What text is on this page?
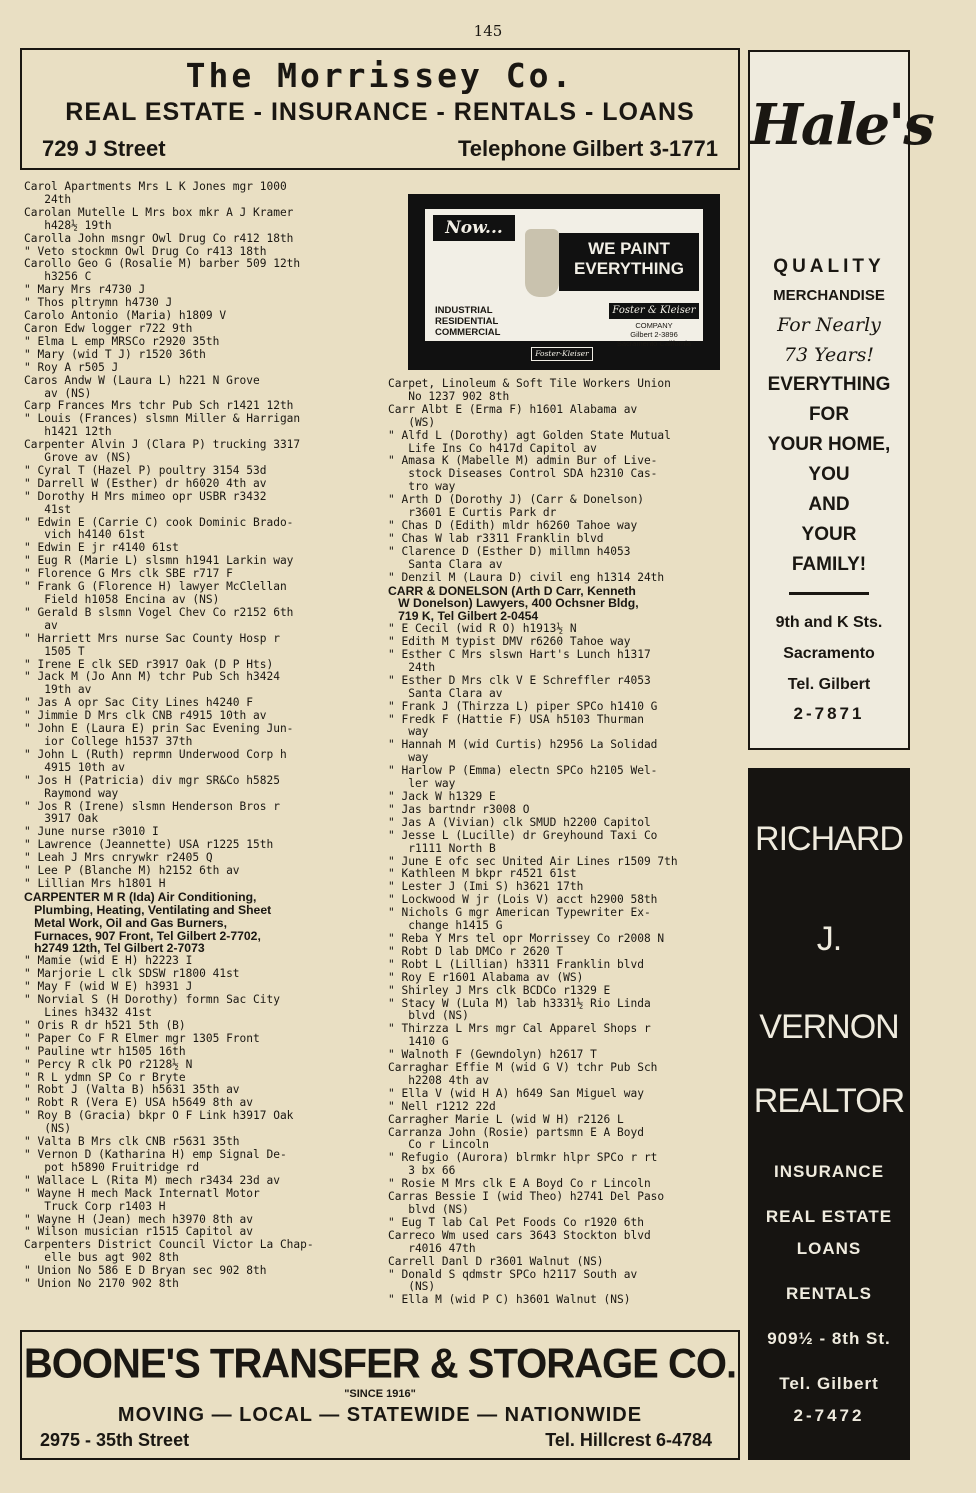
145
The Morrissey Co.
REAL ESTATE - INSURANCE - RENTALS - LOANS
729 J Street	Telephone Gilbert 3-1771
Carol Apartments Mrs L K Jones mgr 1000
24th
Carolan Mutelle L Mrs box mkr A J Kramer
h428½ 19th
Carolla John msngr Owl Drug Co r412 18th
" Veto stockmn Owl Drug Co r413 18th
Carollo Geo G (Rosalie M) barber 509 12th
h3256 C
" Mary Mrs r4730 J
" Thos pltrymn h4730 J
Carolo Antonio (Maria) h1809 V
Caron Edw logger r722 9th
" Elma L emp MRSCo r2920 35th
" Mary (wid T J) r1520 36th
" Roy A r505 J
Caros Andw W (Laura L) h221 N Grove
av (NS)
Carp Frances Mrs tchr Pub Sch r1421 12th
" Louis (Frances) slsmn Miller & Harrigan
h1421 12th
Carpenter Alvin J (Clara P) trucking 3317
Grove av (NS)
" Cyral T (Hazel P) poultry 3154 53d
" Darrell W (Esther) dr h6020 4th av
" Dorothy H Mrs mimeo opr USBR r3432
41st
" Edwin E (Carrie C) cook Dominic Brado-
vich h4140 61st
" Edwin E jr r4140 61st
" Eug R (Marie L) slsmn h1941 Larkin way
" Florence G Mrs clk SBE r717 F
" Frank G (Florence H) lawyer McClellan
Field h1058 Encina av (NS)
" Gerald B slsmn Vogel Chev Co r2152 6th
av
" Harriett Mrs nurse Sac County Hosp r
1505 T
" Irene E clk SED r3917 Oak (D P Hts)
" Jack M (Jo Ann M) tchr Pub Sch h3424
19th av
" Jas A opr Sac City Lines h4240 F
" Jimmie D Mrs clk CNB r4915 10th av
" John E (Laura E) prin Sac Evening Jun-
ior College h1537 37th
" John L (Ruth) reprmn Underwood Corp h
4915 10th av
" Jos H (Patricia) div mgr SR&Co h5825
Raymond way
" Jos R (Irene) slsmn Henderson Bros r
3917 Oak
" June nurse r3010 I
" Lawrence (Jeannette) USA r1225 15th
" Leah J Mrs cnrywkr r2405 Q
" Lee P (Blanche M) h2152 6th av
" Lillian Mrs h1801 H
CARPENTER M R (Ida) Air Conditioning,
Plumbing, Heating, Ventilating and Sheet
Metal Work, Oil and Gas Burners,
Furnaces, 907 Front, Tel Gilbert 2-7702,
h2749 12th, Tel Gilbert 2-7073
" Mamie (wid E H) h2223 I
" Marjorie L clk SDSW r1800 41st
" May F (wid W E) h3931 J
" Norvial S (H Dorothy) formn Sac City
Lines h3432 41st
" Oris R dr h521 5th (B)
" Paper Co F R Elmer mgr 1305 Front
" Pauline wtr h1505 16th
" Percy R clk PO r2128½ N
" R L ydmn SP Co r Bryte
" Robt J (Valta B) h5631 35th av
" Robt R (Vera E) USA h5649 8th av
" Roy B (Gracia) bkpr O F Link h3917 Oak
(NS)
" Valta B Mrs clk CNB r5631 35th
" Vernon D (Katharina H) emp Signal De-
pot h5890 Fruitridge rd
" Wallace L (Rita M) mech r3434 23d av
" Wayne H mech Mack Internatl Motor
Truck Corp r1403 H
" Wayne H (Jean) mech h3970 8th av
" Wilson musician r1515 Capitol av
Carpenters District Council Victor La Chap-
elle bus agt 902 8th
" Union No 586 E D Bryan sec 902 8th
" Union No 2170 902 8th
Now...
WE PAINT EVERYTHING
INDUSTRIAL
RESIDENTIAL
COMMERCIAL
Foster & Kleiser
COMPANY
Gilbert 2-3896
Sacramento California
Foster-Kleiser
Carpet, Linoleum & Soft Tile Workers Union
No 1237 902 8th
Carr Albt E (Erma F) h1601 Alabama av
(WS)
" Alfd L (Dorothy) agt Golden State Mutual
Life Ins Co h417d Capitol av
" Amasa K (Mabelle M) admin Bur of Live-
stock Diseases Control SDA h2310 Cas-
tro way
" Arth D (Dorothy J) (Carr & Donelson)
r3601 E Curtis Park dr
" Chas D (Edith) mldr h6260 Tahoe way
" Chas W lab r3311 Franklin blvd
" Clarence D (Esther D) millmn h4053
Santa Clara av
" Denzil M (Laura D) civil eng h1314 24th
CARR & DONELSON (Arth D Carr, Kenneth
W Donelson) Lawyers, 400 Ochsner Bldg,
719 K, Tel Gilbert 2-0454
" E Cecil (wid R O) h1913½ N
" Edith M typist DMV r6260 Tahoe way
" Esther C Mrs slswn Hart's Lunch h1317
24th
" Esther D Mrs clk V E Schreffler r4053
Santa Clara av
" Frank J (Thirzza L) piper SPCo h1410 G
" Fredk F (Hattie F) USA h5103 Thurman
way
" Hannah M (wid Curtis) h2956 La Solidad
way
" Harlow P (Emma) electn SPCo h2105 Wel-
ler way
" Jack W h1329 E
" Jas bartndr r3008 O
" Jas A (Vivian) clk SMUD h2200 Capitol
" Jesse L (Lucille) dr Greyhound Taxi Co
r1111 North B
" June E ofc sec United Air Lines r1509 7th
" Kathleen M bkpr r4521 61st
" Lester J (Imi S) h3621 17th
" Lockwood W jr (Lois V) acct h2900 58th
" Nichols G mgr American Typewriter Ex-
change h1415 G
" Reba Y Mrs tel opr Morrissey Co r2008 N
" Robt D lab DMCo r 2620 T
" Robt L (Lillian) h3311 Franklin blvd
" Roy E r1601 Alabama av (WS)
" Shirley J Mrs clk BCDCo r1329 E
" Stacy W (Lula M) lab h3331½ Rio Linda
blvd (NS)
" Thirzza L Mrs mgr Cal Apparel Shops r
1410 G
" Walnoth F (Gewndolyn) h2617 T
Carraghar Effie M (wid G V) tchr Pub Sch
h2208 4th av
" Ella V (wid H A) h649 San Miguel way
" Nell r1212 22d
Carragher Marie L (wid W H) r2126 L
Carranza John (Rosie) partsmn E A Boyd
Co r Lincoln
" Refugio (Aurora) blrmkr hlpr SPCo r rt
3 bx 66
" Rosie M Mrs clk E A Boyd Co r Lincoln
Carras Bessie I (wid Theo) h2741 Del Paso
blvd (NS)
" Eug T lab Cal Pet Foods Co r1920 6th
Carreco Wm used cars 3643 Stockton blvd
r4016 47th
Carrell Danl D r3601 Walnut (NS)
" Donald S qdmstr SPCo h2117 South av
(NS)
" Ella M (wid P C) h3601 Walnut (NS)
Hale's
QUALITY
MERCHANDISE
For Nearly
73 Years!
EVERYTHING
FOR
YOUR HOME,
YOU
AND
YOUR
FAMILY!
9th and K Sts.
Sacramento
Tel. Gilbert
2-7871
RICHARD
J.
VERNON
REALTOR
INSURANCE
REAL ESTATE
LOANS
RENTALS
909½ - 8th St.
Tel. Gilbert
2-7472
BOONE'S TRANSFER & STORAGE CO.
"SINCE 1916"
MOVING — LOCAL — STATEWIDE — NATIONWIDE
2975 - 35th Street	Tel. Hillcrest 6-4784
